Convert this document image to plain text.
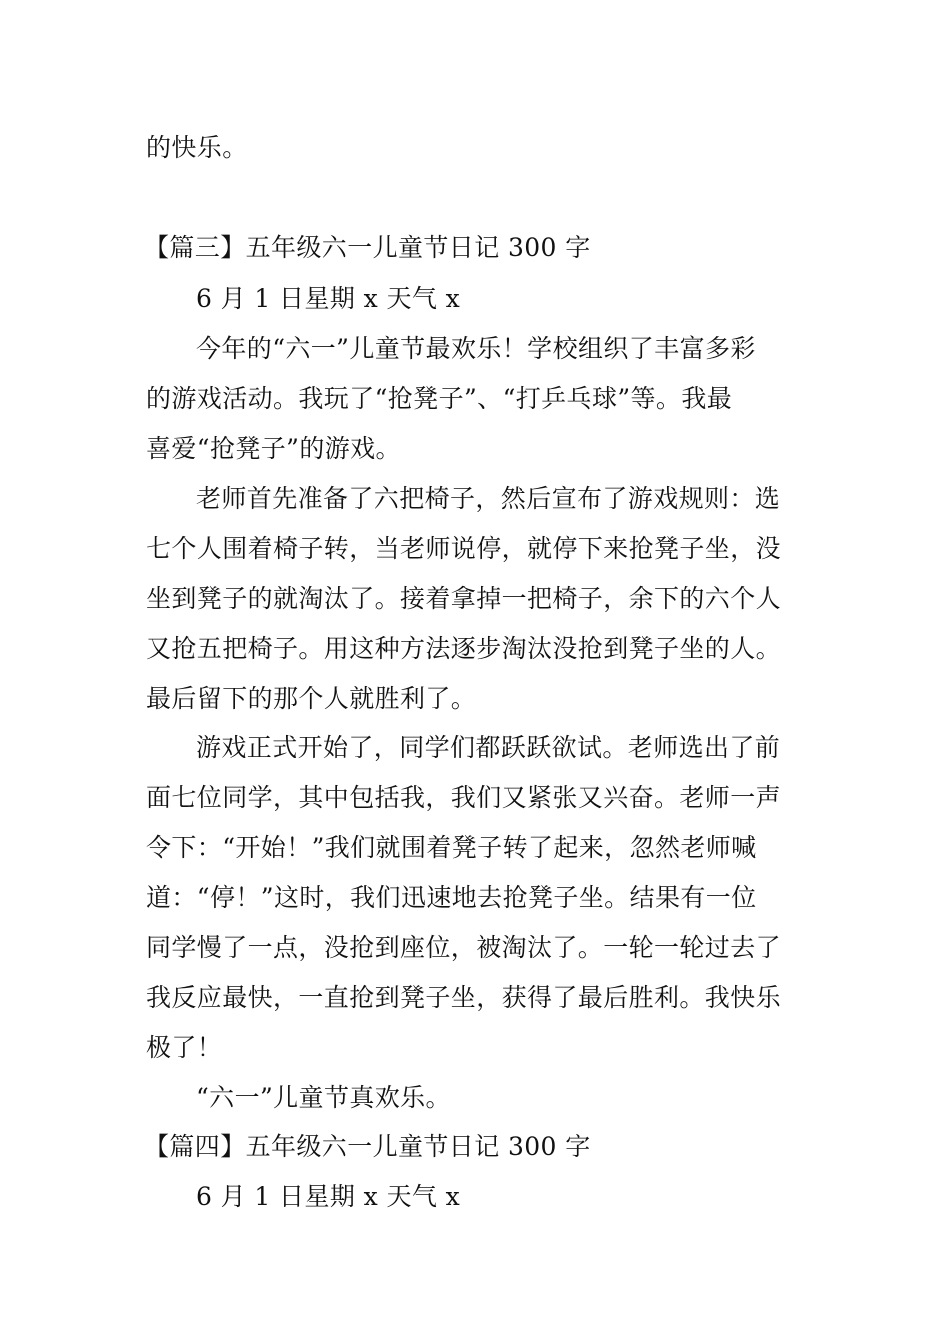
的快乐。

【篇三】五年级六一儿童节日记 300 字

6 月 1 日星期 x 天气 x

今年的“六一”儿童节最欢乐！学校组织了丰富多彩

的游戏活动。我玩了“抢凳子”、“打乒乓球”等。我最

喜爱“抢凳子”的游戏。

老师首先准备了六把椅子，然后宣布了游戏规则：选

七个人围着椅子转，当老师说停，就停下来抢凳子坐，没

坐到凳子的就淘汰了。接着拿掉一把椅子，余下的六个人

又抢五把椅子。用这种方法逐步淘汰没抢到凳子坐的人。

最后留下的那个人就胜利了。

游戏正式开始了，同学们都跃跃欲试。老师选出了前

面七位同学，其中包括我，我们又紧张又兴奋。老师一声

令下：“开始！”我们就围着凳子转了起来，忽然老师喊

道：“停！”这时，我们迅速地去抢凳子坐。结果有一位

同学慢了一点，没抢到座位，被淘汰了。一轮一轮过去了

我反应最快，一直抢到凳子坐，获得了最后胜利。我快乐

极了！

“六一”儿童节真欢乐。

【篇四】五年级六一儿童节日记 300 字

6 月 1 日星期 x 天气 x
